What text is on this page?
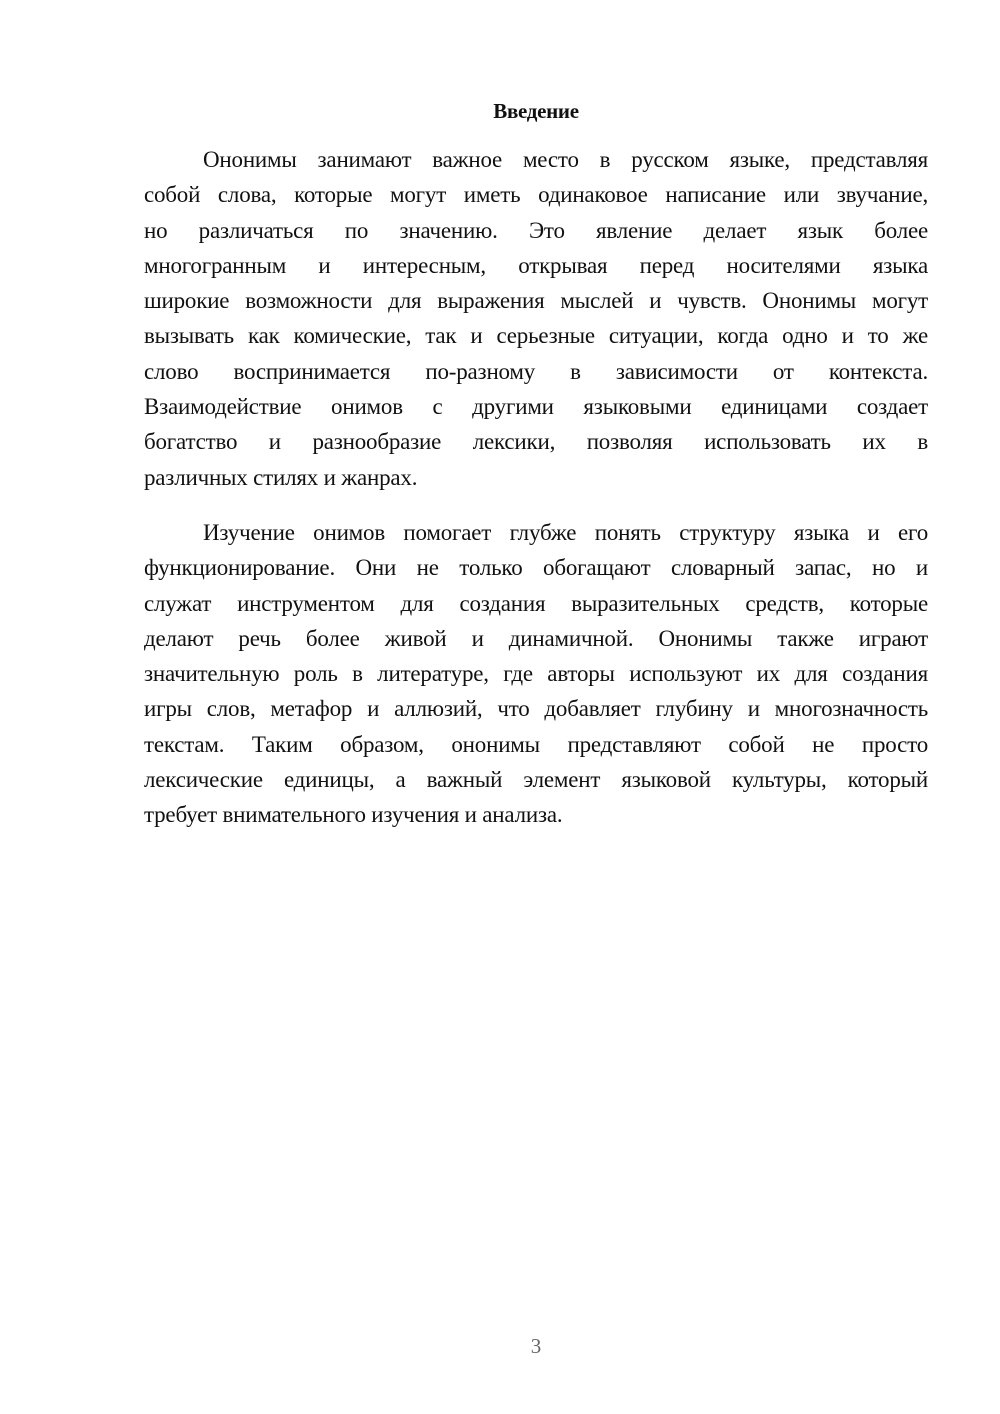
Введение
Ононимы занимают важное место в русском языке, представляя
собой слова, которые могут иметь одинаковое написание или звучание,
но различаться по значению. Это явление делает язык более
многогранным и интересным, открывая перед носителями языка
широкие возможности для выражения мыслей и чувств. Ононимы могут
вызывать как комические, так и серьезные ситуации, когда одно и то же
слово воспринимается по-разному в зависимости от контекста.
Взаимодействие онимов с другими языковыми единицами создает
богатство и разнообразие лексики, позволяя использовать их в
различных стилях и жанрах.
Изучение онимов помогает глубже понять структуру языка и его
функционирование. Они не только обогащают словарный запас, но и
служат инструментом для создания выразительных средств, которые
делают речь более живой и динамичной. Ононимы также играют
значительную роль в литературе, где авторы используют их для создания
игры слов, метафор и аллюзий, что добавляет глубину и многозначность
текстам. Таким образом, ононимы представляют собой не просто
лексические единицы, а важный элемент языковой культуры, который
требует внимательного изучения и анализа.
3
